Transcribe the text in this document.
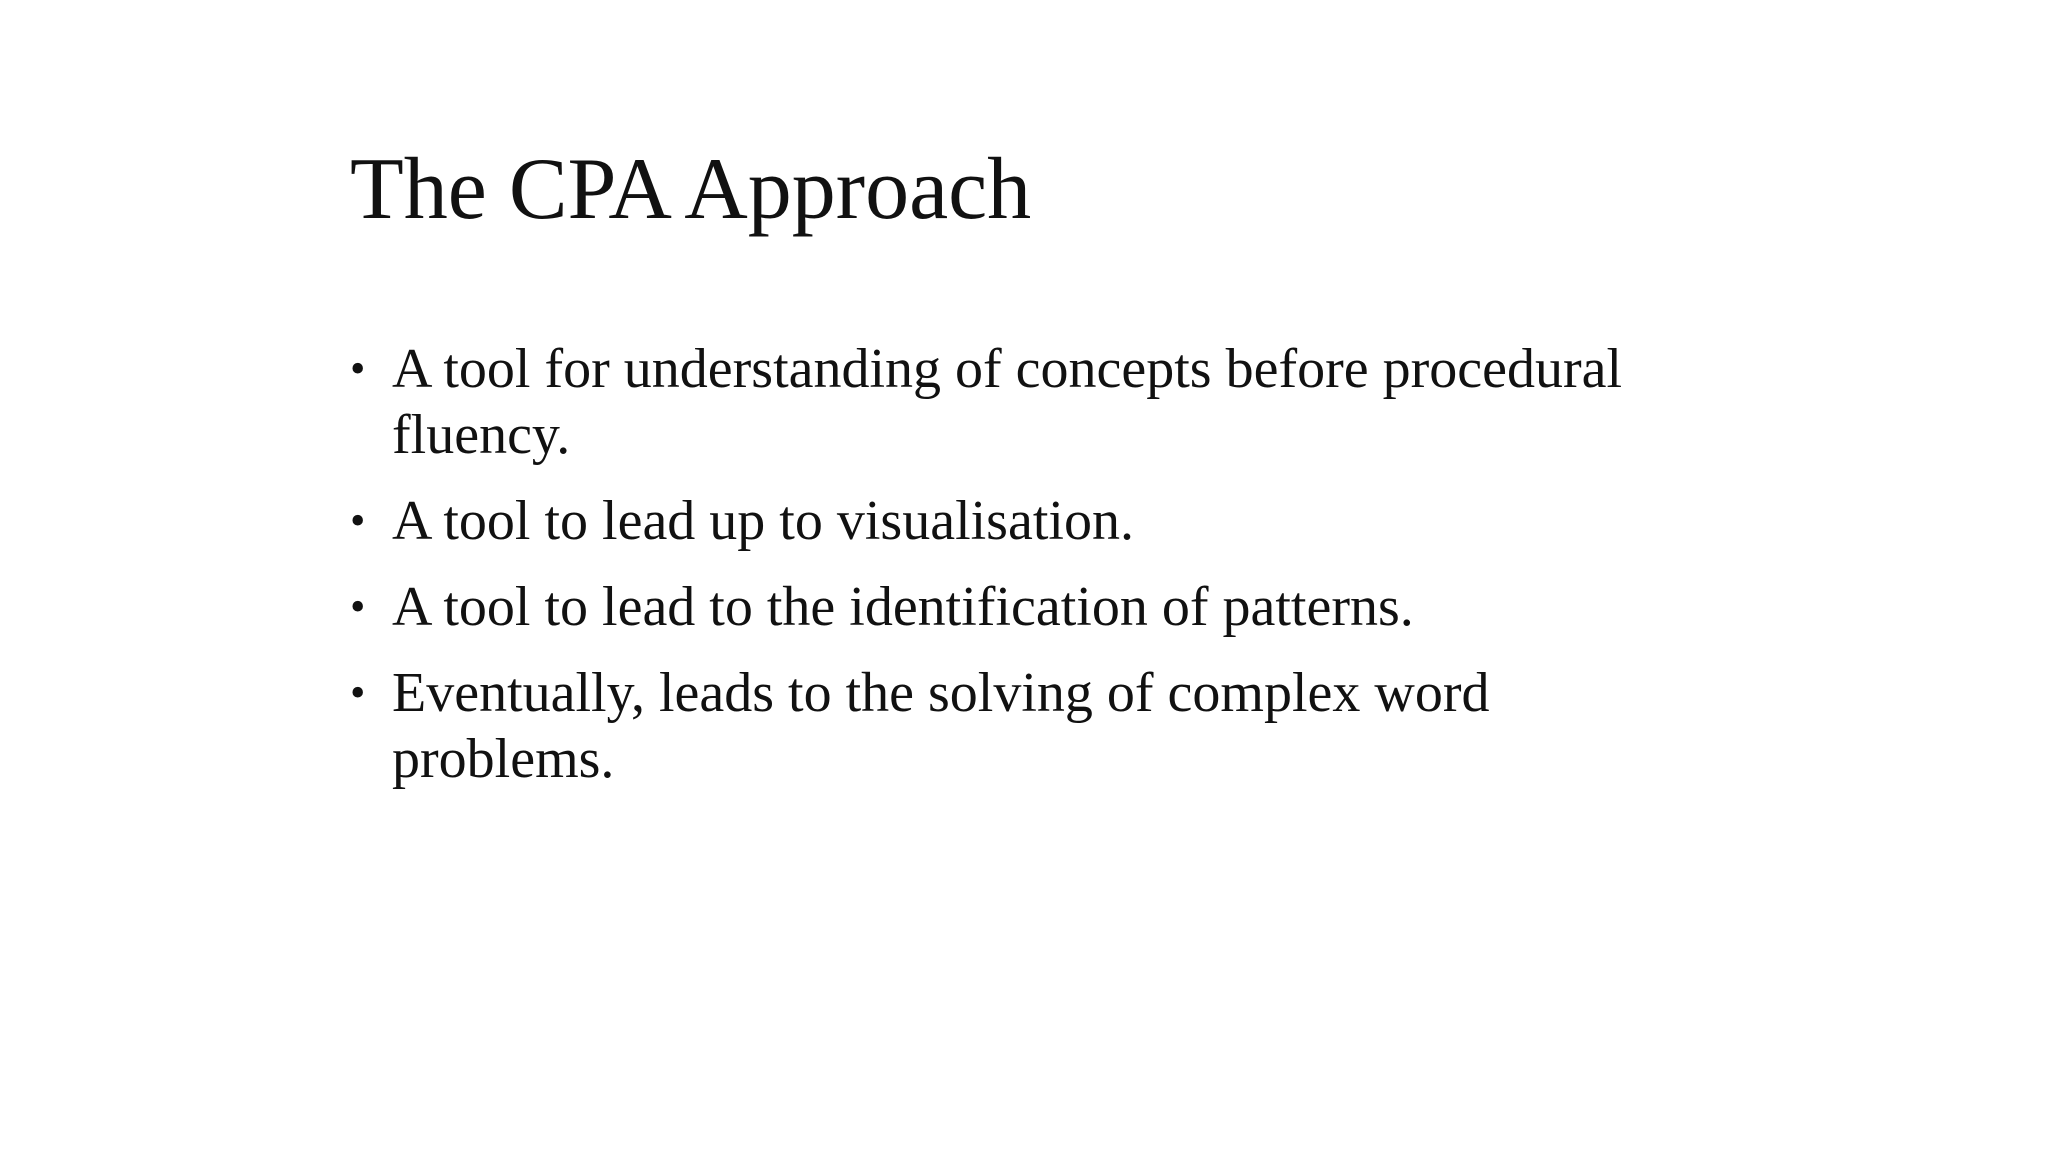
The CPA Approach
• A tool for understanding of concepts before procedural fluency.
• A tool to lead up to visualisation.
• A tool to lead to the identification of patterns.
• Eventually, leads to the solving of complex word problems.
